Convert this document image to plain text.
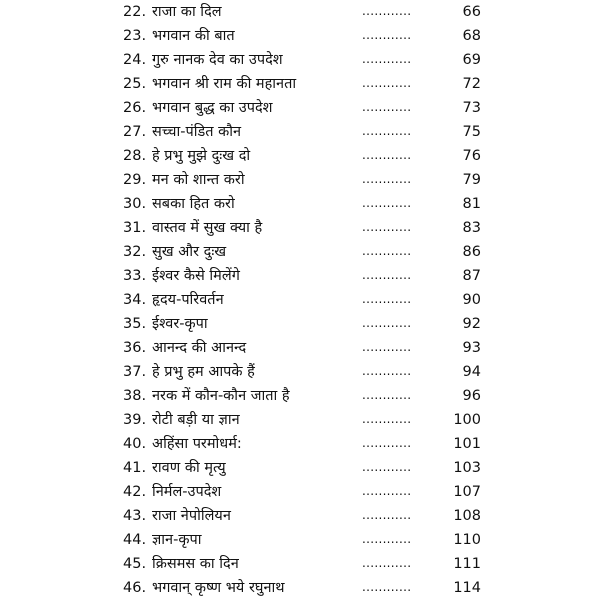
22. राजा का दिल	............	66
23. भगवान की बात	............	68
24. गुरु नानक देव का उपदेश	............	69
25. भगवान श्री राम की महानता	............	72
26. भगवान बुद्ध का उपदेश	............	73
27. सच्चा-पंडित कौन	............	75
28. हे प्रभु मुझे दुःख दो	............	76
29. मन को शान्त करो	............	79
30. सबका हित करो	............	81
31. वास्तव में सुख क्या है	............	83
32. सुख और दुःख	............	86
33. ईश्वर कैसे मिलेंगे	............	87
34. हृदय-परिवर्तन	............	90
35. ईश्वर-कृपा	............	92
36. आनन्द की आनन्द	............	93
37. हे प्रभु हम आपके हैं	............	94
38. नरक में कौन-कौन जाता है	............	96
39. रोटी बड़ी या ज्ञान	............	100
40. अहिंसा परमोधर्म:	............	101
41. रावण की मृत्यु	............	103
42. निर्मल-उपदेश	............	107
43. राजा नेपोलियन	............	108
44. ज्ञान-कृपा	............	110
45. क्रिसमस का दिन	............	111
46. भगवान् कृष्ण भये रघुनाथ	............	114
